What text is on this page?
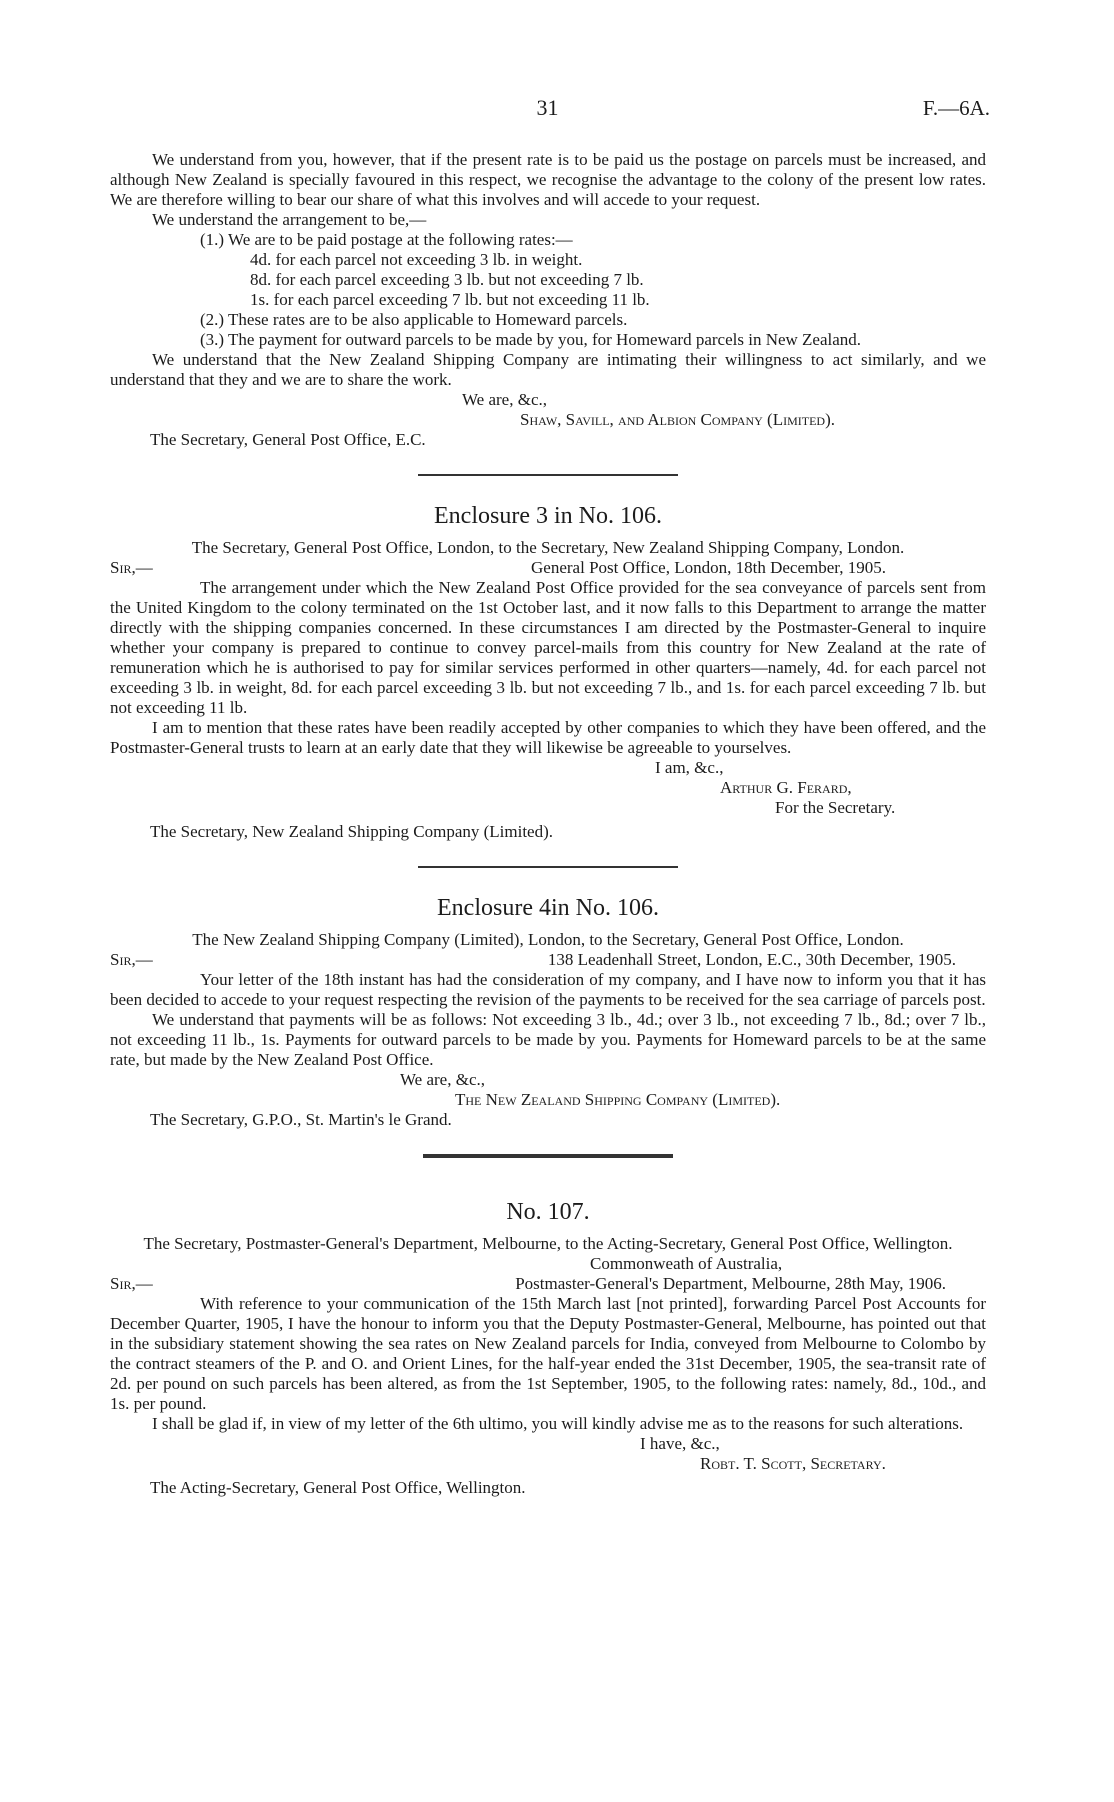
31	F.—6A.

We understand from you, however, that if the present rate is to be paid us the postage on parcels must be increased, and although New Zealand is specially favoured in this respect, we recognise the advantage to the colony of the present low rates. We are therefore willing to bear our share of what this involves and will accede to your request.

We understand the arrangement to be,—

(1.) We are to be paid postage at the following rates:—

4d. for each parcel not exceeding 3 lb. in weight.

8d. for each parcel exceeding 3 lb. but not exceeding 7 lb.

1s. for each parcel exceeding 7 lb. but not exceeding 11 lb.

(2.) These rates are to be also applicable to Homeward parcels.

(3.) The payment for outward parcels to be made by you, for Homeward parcels in New Zealand.

We understand that the New Zealand Shipping Company are intimating their willingness to act similarly, and we understand that they and we are to share the work.

We are, &c.,

Shaw, Savill, and Albion Company (Limited).

The Secretary, General Post Office, E.C.

Enclosure 3 in No. 106.

The Secretary, General Post Office, London, to the Secretary, New Zealand Shipping Company, London.

Sir,—	General Post Office, London, 18th December, 1905.

The arrangement under which the New Zealand Post Office provided for the sea conveyance of parcels sent from the United Kingdom to the colony terminated on the 1st October last, and it now falls to this Department to arrange the matter directly with the shipping companies concerned. In these circumstances I am directed by the Postmaster-General to inquire whether your company is prepared to continue to convey parcel-mails from this country for New Zealand at the rate of remuneration which he is authorised to pay for similar services performed in other quarters—namely, 4d. for each parcel not exceeding 3 lb. in weight, 8d. for each parcel exceeding 3 lb. but not exceeding 7 lb., and 1s. for each parcel exceeding 7 lb. but not exceeding 11 lb.

I am to mention that these rates have been readily accepted by other companies to which they have been offered, and the Postmaster-General trusts to learn at an early date that they will likewise be agreeable to yourselves.

I am, &c.,

Arthur G. Ferard,

For the Secretary.

The Secretary, New Zealand Shipping Company (Limited).

Enclosure 4in No. 106.

The New Zealand Shipping Company (Limited), London, to the Secretary, General Post Office, London.

Sir,—	138 Leadenhall Street, London, E.C., 30th December, 1905.

Your letter of the 18th instant has had the consideration of my company, and I have now to inform you that it has been decided to accede to your request respecting the revision of the payments to be received for the sea carriage of parcels post.

We understand that payments will be as follows: Not exceeding 3 lb., 4d.; over 3 lb., not exceeding 7 lb., 8d.; over 7 lb., not exceeding 11 lb., 1s. Payments for outward parcels to be made by you. Payments for Homeward parcels to be at the same rate, but made by the New Zealand Post Office.

We are, &c.,

The New Zealand Shipping Company (Limited).

The Secretary, G.P.O., St. Martin's le Grand.

No. 107.

The Secretary, Postmaster-General's Department, Melbourne, to the Acting-Secretary, General Post Office, Wellington.

Commonweath of Australia,

Sir,—	Postmaster-General's Department, Melbourne, 28th May, 1906.

With reference to your communication of the 15th March last [not printed], forwarding Parcel Post Accounts for December Quarter, 1905, I have the honour to inform you that the Deputy Postmaster-General, Melbourne, has pointed out that in the subsidiary statement showing the sea rates on New Zealand parcels for India, conveyed from Melbourne to Colombo by the contract steamers of the P. and O. and Orient Lines, for the half-year ended the 31st December, 1905, the sea-transit rate of 2d. per pound on such parcels has been altered, as from the 1st September, 1905, to the following rates: namely, 8d., 10d., and 1s. per pound.

I shall be glad if, in view of my letter of the 6th ultimo, you will kindly advise me as to the reasons for such alterations.

I have, &c.,

Robt. T. Scott, Secretary.

The Acting-Secretary, General Post Office, Wellington.
